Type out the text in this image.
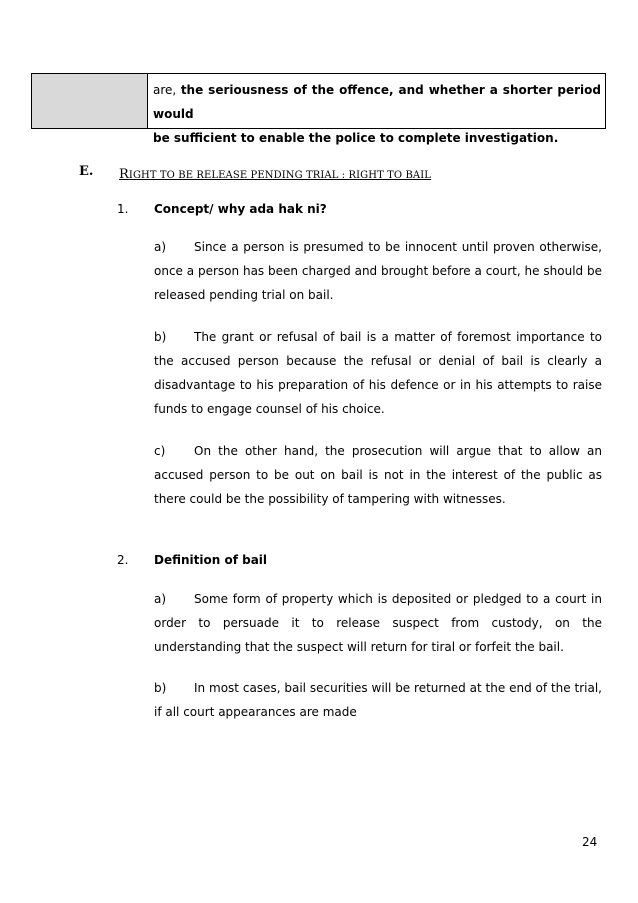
are, the seriousness of the offence, and whether a shorter period would
be sufficient to enable the police to complete investigation.
E. RIGHT TO BE RELEASE PENDING TRIAL : RIGHT TO BAIL
1. Concept/ why ada hak ni?
a) Since a person is presumed to be innocent until proven otherwise, once a person has been charged and brought before a court, he should be released pending trial on bail.
b) The grant or refusal of bail is a matter of foremost importance to the accused person because the refusal or denial of bail is clearly a disadvantage to his preparation of his defence or in his attempts to raise funds to engage counsel of his choice.
c) On the other hand, the prosecution will argue that to allow an accused person to be out on bail is not in the interest of the public as there could be the possibility of tampering with witnesses.
2. Definition of bail
a) Some form of property which is deposited or pledged to a court in order to persuade it to release suspect from custody, on the understanding that the suspect will return for tiral or forfeit the bail.
b) In most cases, bail securities will be returned at the end of the trial, if all court appearances are made
24
